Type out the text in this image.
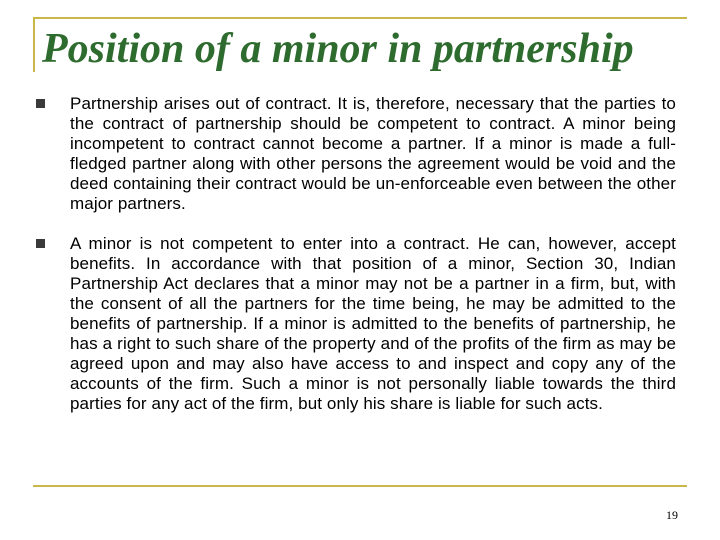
Position of a minor in partnership
Partnership arises out of contract. It is, therefore, necessary that the parties to the contract of partnership should be competent to contract. A minor being incompetent to contract cannot become a partner. If a minor is made a full-fledged partner along with other persons the agreement would be void and the deed containing their contract would be un-enforceable even between the other major partners.
A minor is not competent to enter into a contract. He can, however, accept benefits. In accordance with that position of a minor, Section 30, Indian Partnership Act declares that a minor may not be a partner in a firm, but, with the consent of all the partners for the time being, he may be admitted to the benefits of partnership. If a minor is admitted to the benefits of partnership, he has a right to such share of the property and of the profits of the firm as may be agreed upon and may also have access to and inspect and copy any of the accounts of the firm. Such a minor is not personally liable towards the third parties for any act of the firm, but only his share is liable for such acts.
19
